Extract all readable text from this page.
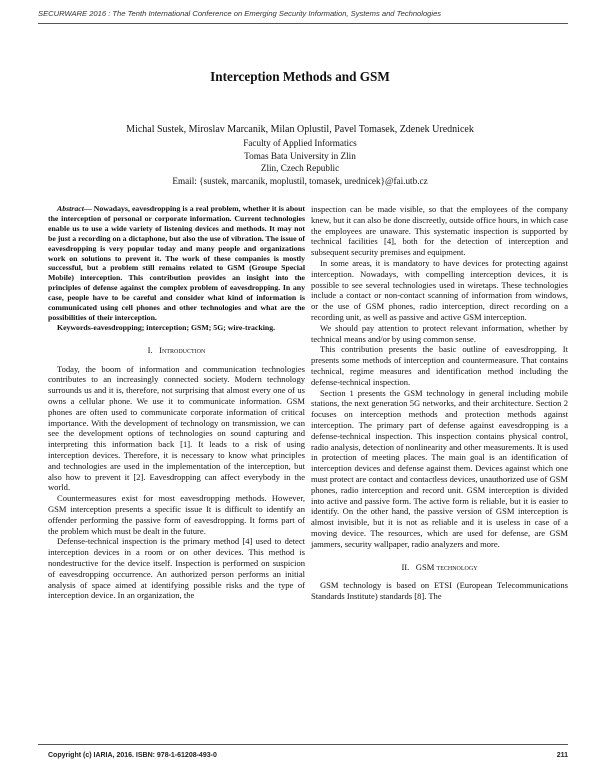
SECURWARE 2016 : The Tenth International Conference on Emerging Security Information, Systems and Technologies
Interception Methods and GSM
Michal Sustek, Miroslav Marcanik, Milan Oplustil, Pavel Tomasek, Zdenek Urednicek
Faculty of Applied Informatics
Tomas Bata University in Zlin
Zlin, Czech Republic
Email: {sustek, marcanik, moplustil, tomasek, urednicek}@fai.utb.cz

Abstract— Nowadays, eavesdropping is a real problem, whether it is about the interception of personal or corporate information. Current technologies enable us to use a wide variety of listening devices and methods. It may not be just a recording on a dictaphone, but also the use of vibration. The issue of eavesdropping is very popular today and many people and organizations work on solutions to prevent it. The work of these companies is mostly successful, but a problem still remains related to GSM (Groupe Special Mobile) interception. This contribution provides an insight into the principles of defense against the complex problem of eavesdropping. In any case, people have to be careful and consider what kind of information is communicated using cell phones and other technologies and what are the possibilities of their interception.

Keywords-eavesdropping; interception; GSM; 5G; wire-tracking.

I. Introduction

Today, the boom of information and communication technologies contributes to an increasingly connected society. Modern technology surrounds us and it is, therefore, not surprising that almost every one of us owns a cellular phone. We use it to communicate information. GSM phones are often used to communicate corporate information of critical importance. With the development of technology on transmission, we can see the development options of technologies on sound capturing and interpreting this information back [1]. It leads to a risk of using interception devices. Therefore, it is necessary to know what principles and technologies are used in the implementation of the interception, but also how to prevent it [2]. Eavesdropping can affect everybody in the world.

Countermeasures exist for most eavesdropping methods. However, GSM interception presents a specific issue It is difficult to identify an offender performing the passive form of eavesdropping. It forms part of the problem which must be dealt in the future.

Defense-technical inspection is the primary method [4] used to detect interception devices in a room or on other devices. This method is nondestructive for the device itself. Inspection is performed on suspicion of eavesdropping occurrence. An authorized person performs an initial analysis of space aimed at identifying possible risks and the type of interception device. In an organization, the

inspection can be made visible, so that the employees of the company knew, but it can also be done discreetly, outside office hours, in which case the employees are unaware. This systematic inspection is supported by technical facilities [4], both for the detection of interception and subsequent security premises and equipment.

In some areas, it is mandatory to have devices for protecting against interception. Nowadays, with compelling interception devices, it is possible to see several technologies used in wiretaps. These technologies include a contact or non-contact scanning of information from windows, or the use of GSM phones, radio interception, direct recording on a recording unit, as well as passive and active GSM interception.

We should pay attention to protect relevant information, whether by technical means and/or by using common sense.

This contribution presents the basic outline of eavesdropping. It presents some methods of interception and countermeasure. That contains technical, regime measures and identification method including the defense-technical inspection.

Section 1 presents the GSM technology in general including mobile stations, the next generation 5G networks, and their architecture. Section 2 focuses on interception methods and protection methods against interception. The primary part of defense against eavesdropping is a defense-technical inspection. This inspection contains physical control, radio analysis, detection of nonlinearity and other measurements. It is used in protection of meeting places. The main goal is an identification of interception devices and defense against them. Devices against which one must protect are contact and contactless devices, unauthorized use of GSM phones, radio interception and record unit. GSM interception is divided into active and passive form. The active form is reliable, but it is easier to identify. On the other hand, the passive version of GSM interception is almost invisible, but it is not as reliable and it is useless in case of a moving device. The resources, which are used for defense, are GSM jammers, security wallpaper, radio analyzers and more.

II. GSM technology

GSM technology is based on ETSI (European Telecommunications Standards Institute) standards [8]. The

Copyright (c) IARIA, 2016. ISBN: 978-1-61208-493-0	211
